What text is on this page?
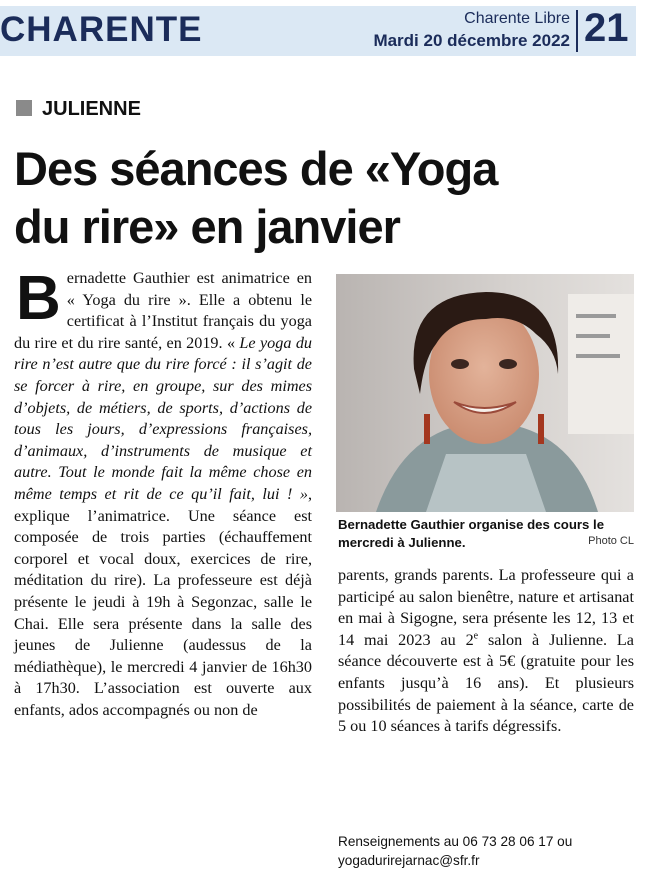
CHARENTE	Charente Libre
Mardi 20 décembre 2022 21
JULIENNE
Des séances de «Yoga
du rire» en janvier

Bernadette Gauthier est animatrice en « Yoga du rire ». Elle a obtenu le certificat à l’Institut français du yoga du rire et du rire santé, en 2019. « Le yoga du rire n’est autre que du rire forcé : il s’agit de se forcer à rire, en groupe, sur des mimes d’objets, de métiers, de sports, d’actions de tous les jours, d’expressions françaises, d’animaux, d’instruments de musique et autre. Tout le monde fait la même chose en même temps et rit de ce qu’il fait, lui ! », explique l’animatrice. Une séance est composée de trois parties (échauffement corporel et vocal doux, exercices de rire, méditation du rire). La professeure est déjà présente le jeudi à 19h à Segonzac, salle le Chai. Elle sera présente dans la salle des jeunes de Julienne (audessus de la médiathèque), le mercredi 4 janvier de 16h30 à 17h30. L’association est ouverte aux enfants, ados accompagnés ou non de

Bernadette Gauthier organise des cours le mercredi à Julienne.	Photo CL

parents, grands parents. La professeure qui a participé au salon bienêtre, nature et artisanat en mai à Sigogne, sera présente les 12, 13 et 14 mai 2023 au 2e salon à Julienne. La séance découverte est à 5€ (gratuite pour les enfants jusqu’à 16 ans). Et plusieurs possibilités de paiement à la séance, carte de 5 ou 10 séances à tarifs dégressifs.

Renseignements au 06 73 28 06 17 ou yogadurirejarnac@sfr.fr
